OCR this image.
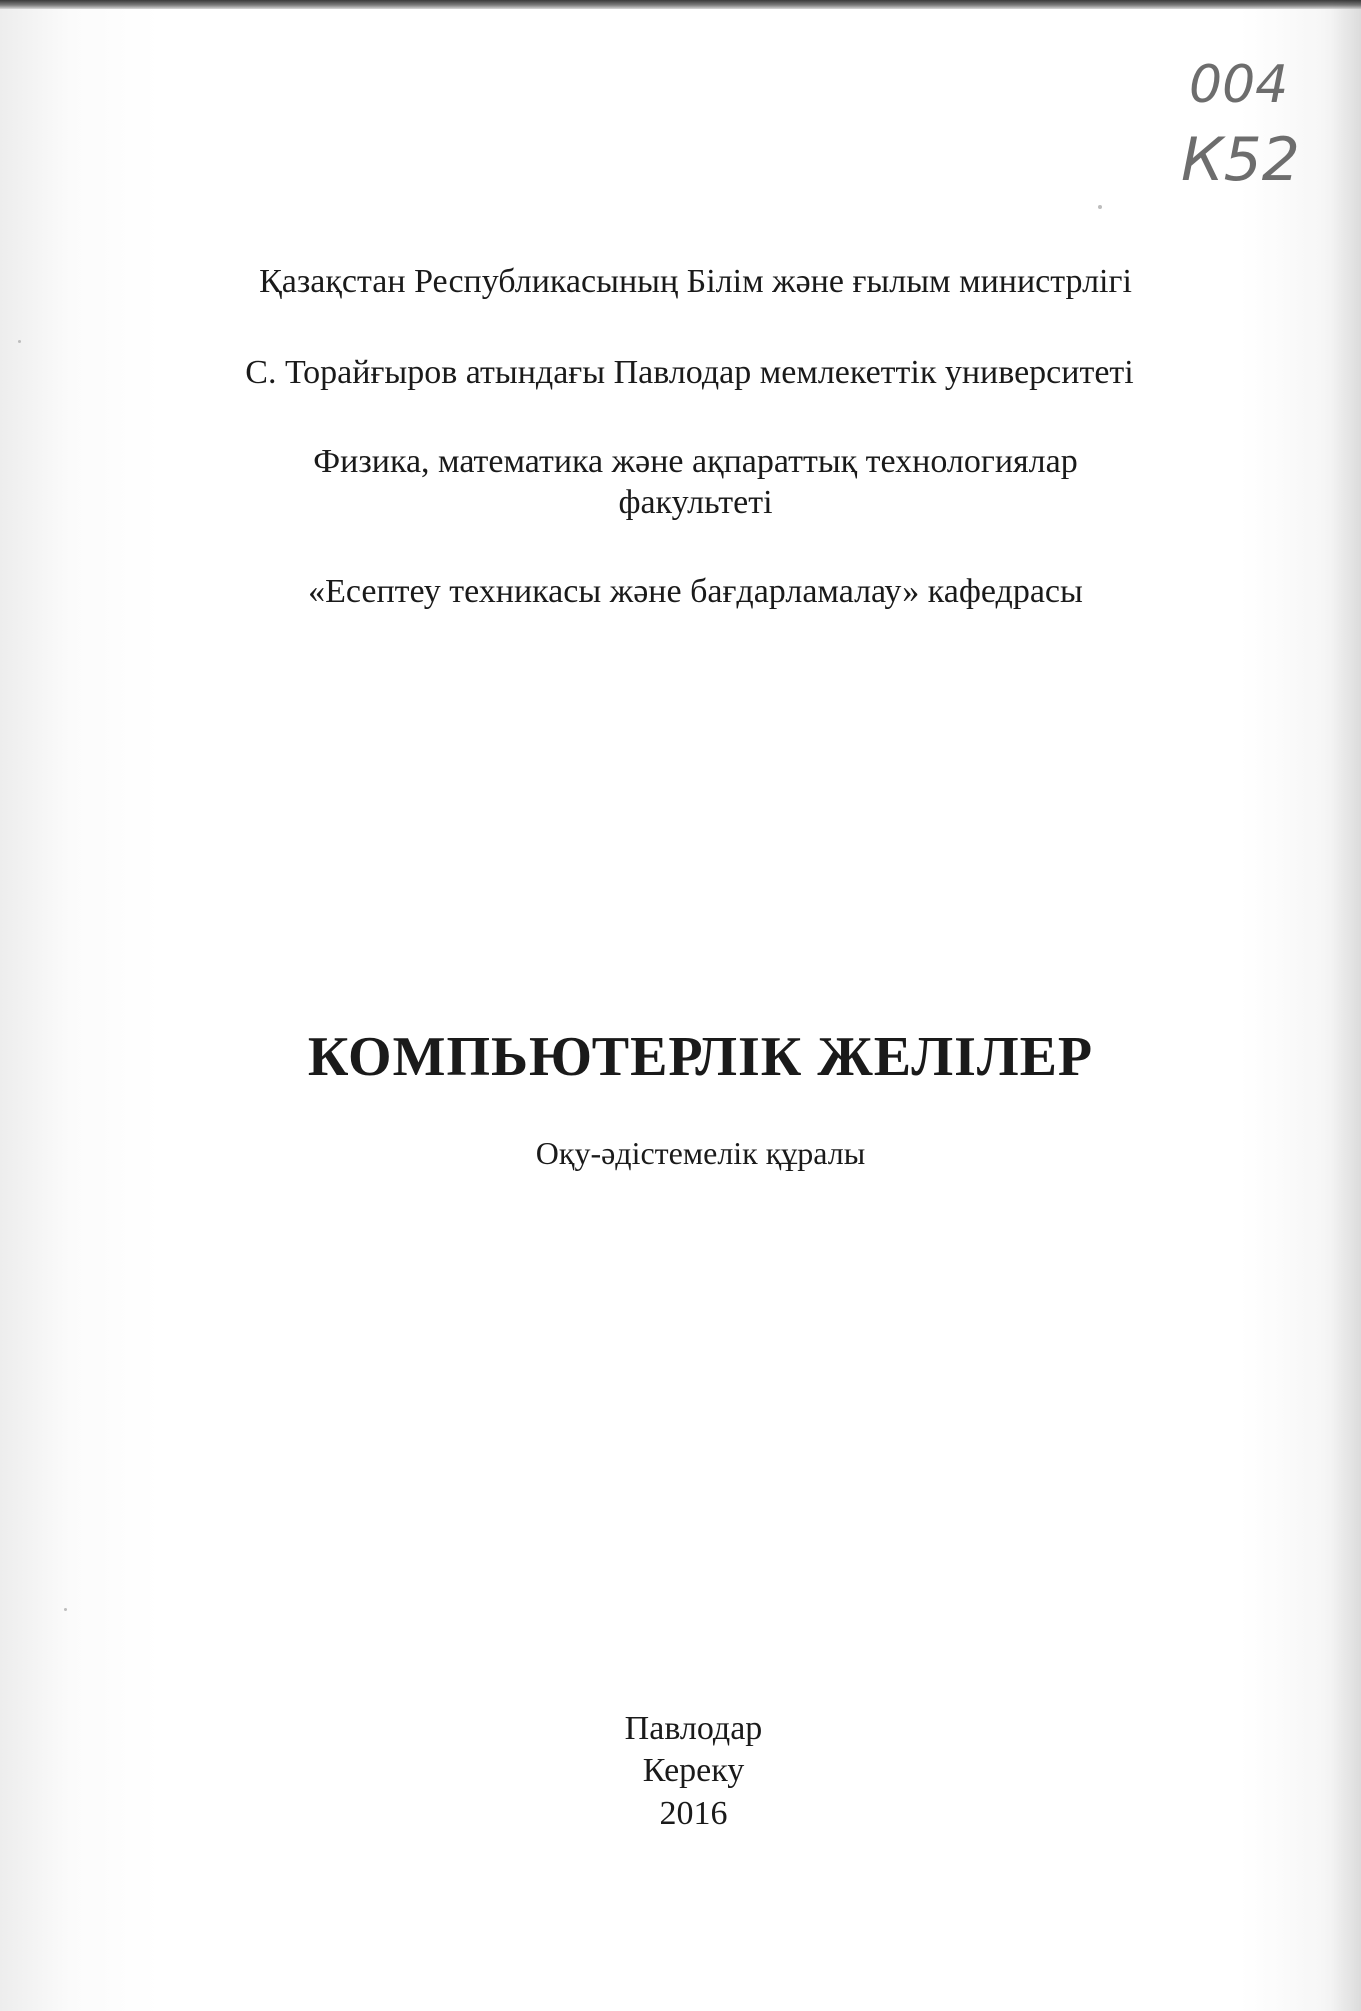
004
К52
Қазақстан Республикасының Білім және ғылым министрлігі
С. Торайғыров атындағы Павлодар мемлекеттік университеті
Физика, математика және ақпараттық технологиялар
факультеті
«Есептеу техникасы және бағдарламалау» кафедрасы
КОМПЬЮТЕРЛІК ЖЕЛІЛЕР
Оқу-әдістемелік құралы
Павлодар
Кереку
2016
